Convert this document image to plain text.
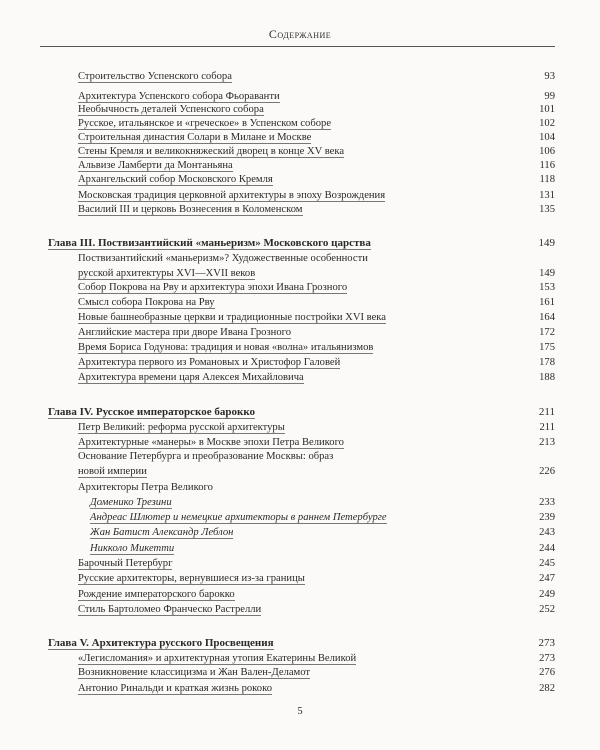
Содержание
Строительство Успенского собора	93
Архитектура Успенского собора Фьораванти	99
Необычность деталей Успенского собора	101
Русское, итальянское и «греческое» в Успенском соборе	102
Строительная династия Солари в Милане и Москве	104
Стены Кремля и великокняжеский дворец в конце XV века	106
Альвизе Ламберти да Монтаньяна	116
Архангельский собор Московского Кремля	118
Московская традиция церковной архитектуры в эпоху Возрождения	131
Василий III и церковь Вознесения в Коломенском	135
Глава III. Поствизантийский «маньеризм» Московского царства	149
Поствизантийский «маньеризм»? Художественные особенности
русской архитектуры XVI—XVII веков	149
Собор Покрова на Рву и архитектура эпохи Ивана Грозного	153
Смысл собора Покрова на Рву	161
Новые башнеобразные церкви и традиционные постройки XVI века	164
Английские мастера при дворе Ивана Грозного	172
Время Бориса Годунова: традиция и новая «волна» итальянизмов	175
Архитектура первого из Романовых и Христофор Галовей	178
Архитектура времени царя Алексея Михайловича	188
Глава IV. Русское императорское барокко	211
Петр Великий: реформа русской архитектуры	211
Архитектурные «манеры» в Москве эпохи Петра Великого	213
Основание Петербурга и преобразование Москвы: образ
новой империи	226
Архитекторы Петра Великого
Доменико Трезини	233
Андреас Шлютер и немецкие архитекторы в раннем Петербурге	239
Жан Батист Александр Леблон	243
Никколо Микетти	244
Барочный Петербург	245
Русские архитекторы, вернувшиеся из-за границы	247
Рождение императорского барокко	249
Стиль Бартоломео Франческо Растрелли	252
Глава V. Архитектура русского Просвещения	273
«Легисломания» и архитектурная утопия Екатерины Великой	273
Возникновение классицизма и Жан Вален-Деламот	276
Антонио Ринальди и краткая жизнь рококо	282
5
